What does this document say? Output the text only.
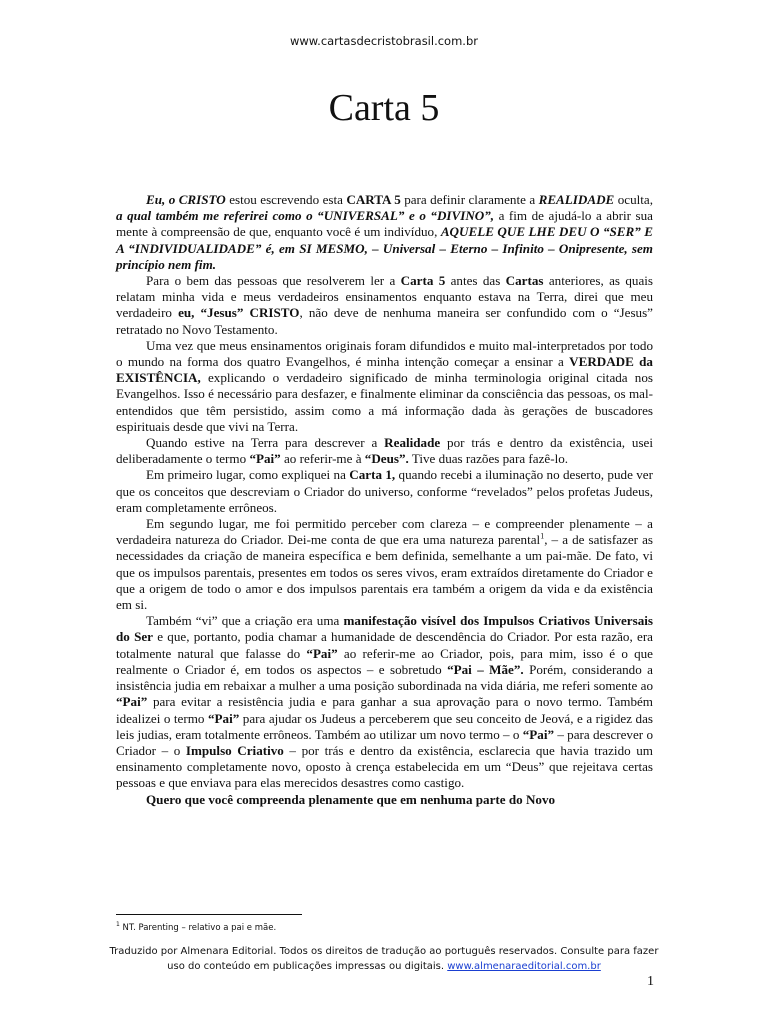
www.cartasdecristobrasil.com.br
Carta 5

Eu, o CRISTO estou escrevendo esta CARTA 5 para definir claramente a REALIDADE oculta, a qual também me referirei como o “UNIVERSAL” e o “DIVINO”, a fim de ajudá-lo a abrir sua mente à compreensão de que, enquanto você é um indivíduo, AQUELE QUE LHE DEU O “SER” E A “INDIVIDUALIDADE” é, em SI MESMO, – Universal – Eterno – Infinito – Onipresente, sem princípio nem fim.

Para o bem das pessoas que resolverem ler a Carta 5 antes das Cartas anteriores, as quais relatam minha vida e meus verdadeiros ensinamentos enquanto estava na Terra, direi que meu verdadeiro eu, “Jesus” CRISTO, não deve de nenhuma maneira ser confundido com o “Jesus” retratado no Novo Testamento.

Uma vez que meus ensinamentos originais foram difundidos e muito mal-interpretados por todo o mundo na forma dos quatro Evangelhos, é minha intenção começar a ensinar a VERDADE da EXISTÊNCIA, explicando o verdadeiro significado de minha terminologia original citada nos Evangelhos. Isso é necessário para desfazer, e finalmente eliminar da consciência das pessoas, os mal-entendidos que têm persistido, assim como a má informação dada às gerações de buscadores espirituais desde que vivi na Terra.

Quando estive na Terra para descrever a Realidade por trás e dentro da existência, usei deliberadamente o termo “Pai” ao referir-me à “Deus”. Tive duas razões para fazê-lo.

Em primeiro lugar, como expliquei na Carta 1, quando recebi a iluminação no deserto, pude ver que os conceitos que descreviam o Criador do universo, conforme “revelados” pelos profetas Judeus, eram completamente errôneos.

Em segundo lugar, me foi permitido perceber com clareza – e compreender plenamente – a verdadeira natureza do Criador. Dei-me conta de que era uma natureza parental$^1$, – a de satisfazer as necessidades da criação de maneira específica e bem definida, semelhante a um pai-mãe. De fato, vi que os impulsos parentais, presentes em todos os seres vivos, eram extraídos diretamente do Criador e que a origem de todo o amor e dos impulsos parentais era também a origem da vida e da existência em si.

Também “vi” que a criação era uma manifestação visível dos Impulsos Criativos Universais do Ser e que, portanto, podia chamar a humanidade de descendência do Criador. Por esta razão, era totalmente natural que falasse do “Pai” ao referir-me ao Criador, pois, para mim, isso é o que realmente o Criador é, em todos os aspectos – e sobretudo “Pai – Mãe”. Porém, considerando a insistência judia em rebaixar a mulher a uma posição subordinada na vida diária, me referi somente ao “Pai” para evitar a resistência judia e para ganhar a sua aprovação para o novo termo. Também idealizei o termo “Pai” para ajudar os Judeus a perceberem que seu conceito de Jeová, e a rigidez das leis judias, eram totalmente errôneos. Também ao utilizar um novo termo – o “Pai” – para descrever o Criador – o Impulso Criativo – por trás e dentro da existência, esclarecia que havia trazido um ensinamento completamente novo, oposto à crença estabelecida em um “Deus” que rejeitava certas pessoas e que enviava para elas merecidos desastres como castigo.

Quero que você compreenda plenamente que em nenhuma parte do Novo

$^1$ NT. Parenting – relativo a pai e mãe.
Traduzido por Almenara Editorial. Todos os direitos de tradução ao português reservados. Consulte para fazer uso do conteúdo em publicações impressas ou digitais. www.almenaraeditorial.com.br
1
